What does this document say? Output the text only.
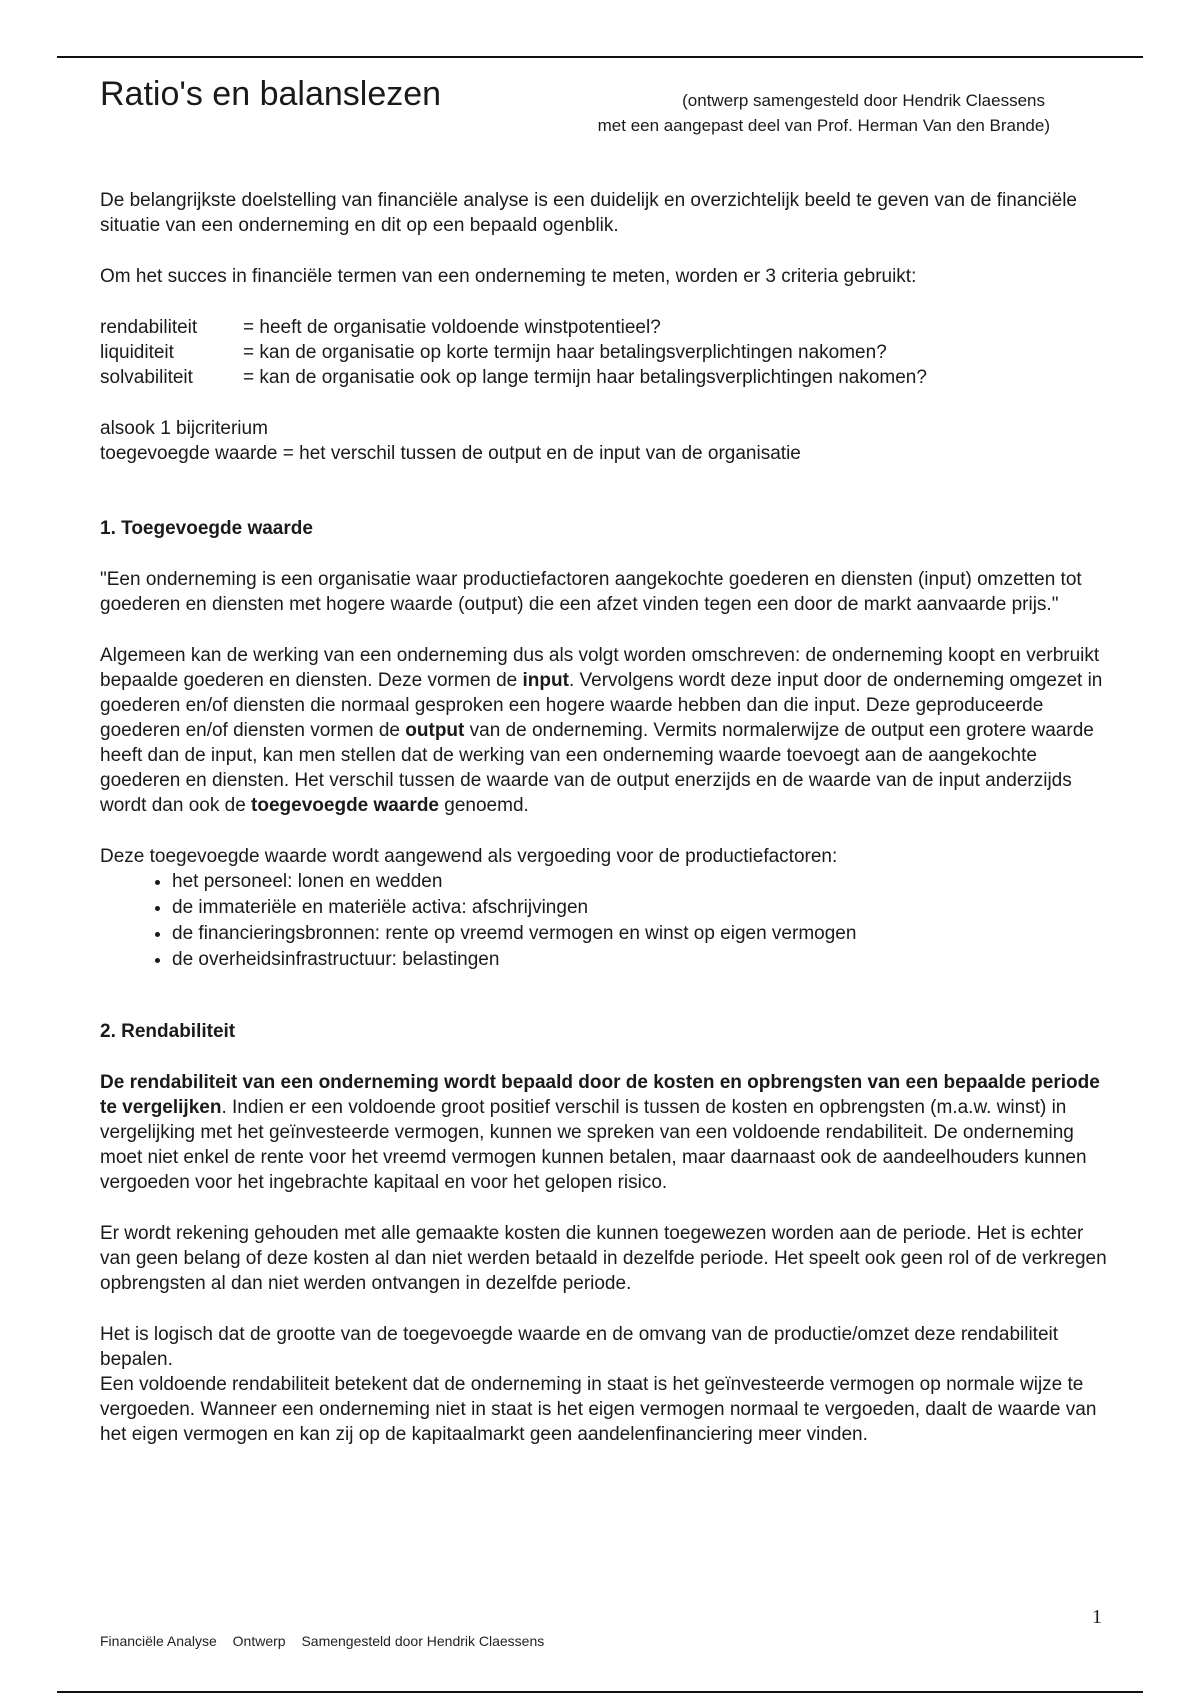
Ratio's en balanslezen	(ontwerp samengesteld door Hendrik Claessens
met een aangepast deel van Prof. Herman Van den Brande)

De belangrijkste doelstelling van financiële analyse is een duidelijk en overzichtelijk beeld te geven van de financiële situatie van een onderneming en dit op een bepaald ogenblik.

Om het succes in financiële termen van een onderneming te meten, worden er 3 criteria gebruikt:

rendabiliteit	= heeft de organisatie voldoende winstpotentieel?
liquiditeit	= kan de organisatie op korte termijn haar betalingsverplichtingen nakomen?
solvabiliteit	= kan de organisatie ook op lange termijn haar betalingsverplichtingen nakomen?

alsook 1 bijcriterium

toegevoegde waarde = het verschil tussen de output en de input van de organisatie

1. Toegevoegde waarde

"Een onderneming is een organisatie waar productiefactoren aangekochte goederen en diensten (input) omzetten tot goederen en diensten met hogere waarde (output) die een afzet vinden tegen een door de markt aanvaarde prijs."

Algemeen kan de werking van een onderneming dus als volgt worden omschreven: de onderneming koopt en verbruikt bepaalde goederen en diensten. Deze vormen de input. Vervolgens wordt deze input door de onderneming omgezet in goederen en/of diensten die normaal gesproken een hogere waarde hebben dan die input. Deze geproduceerde goederen en/of diensten vormen de output van de onderneming. Vermits normalerwijze de output een grotere waarde heeft dan de input, kan men stellen dat de werking van een onderneming waarde toevoegt aan de aangekochte goederen en diensten. Het verschil tussen de waarde van de output enerzijds en de waarde van de input anderzijds wordt dan ook de toegevoegde waarde genoemd.

Deze toegevoegde waarde wordt aangewend als vergoeding voor de productiefactoren:

• het personeel: lonen en wedden
• de immateriële en materiële activa: afschrijvingen
• de financieringsbronnen: rente op vreemd vermogen en winst op eigen vermogen
• de overheidsinfrastructuur: belastingen
2. Rendabiliteit

De rendabiliteit van een onderneming wordt bepaald door de kosten en opbrengsten van een bepaalde periode te vergelijken. Indien er een voldoende groot positief verschil is tussen de kosten en opbrengsten (m.a.w. winst) in vergelijking met het geïnvesteerde vermogen, kunnen we spreken van een voldoende rendabiliteit. De onderneming moet niet enkel de rente voor het vreemd vermogen kunnen betalen, maar daarnaast ook de aandeelhouders kunnen vergoeden voor het ingebrachte kapitaal en voor het gelopen risico.

Er wordt rekening gehouden met alle gemaakte kosten die kunnen toegewezen worden aan de periode. Het is echter van geen belang of deze kosten al dan niet werden betaald in dezelfde periode. Het speelt ook geen rol of de verkregen opbrengsten al dan niet werden ontvangen in dezelfde periode.

Het is logisch dat de grootte van de toegevoegde waarde en de omvang van de productie/omzet deze rendabiliteit bepalen.

Een voldoende rendabiliteit betekent dat de onderneming in staat is het geïnvesteerde vermogen op normale wijze te vergoeden. Wanneer een onderneming niet in staat is het eigen vermogen normaal te vergoeden, daalt de waarde van het eigen vermogen en kan zij op de kapitaalmarkt geen aandelenfinanciering meer vinden.

1
Financiële Analyse Ontwerp Samengesteld door Hendrik Claessens
